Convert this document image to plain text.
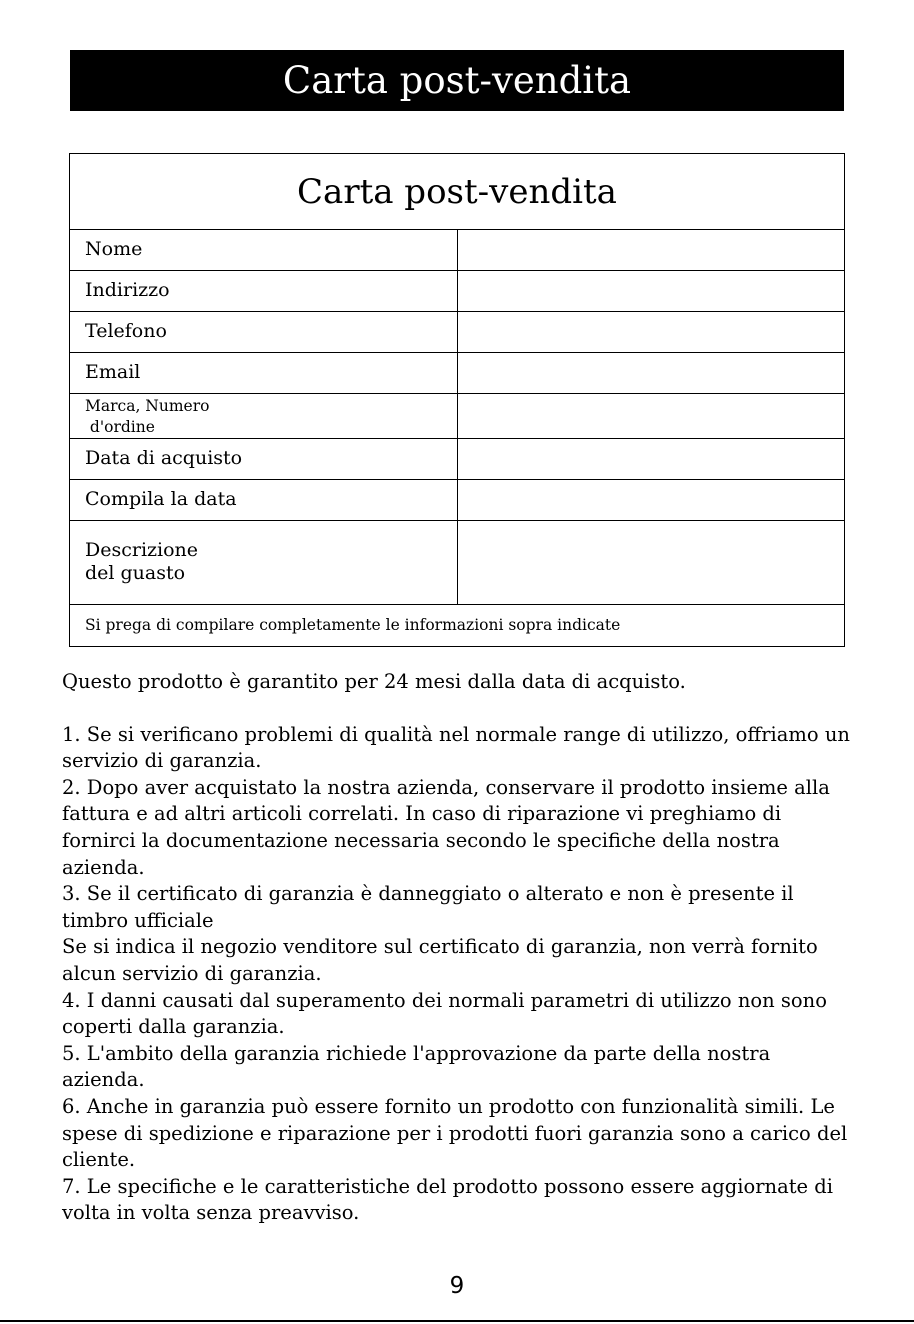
Carta post-vendita
Carta post-vendita	
Nome	
Indirizzo	
Telefono	
Email	

Marca, Numero
d'ordine	

Data di acquisto	
Compila la data	

Descrizione
del guasto	

Si prega di compilare completamente le informazioni sopra indicate	

Questo prodotto è garantito per 24 mesi dalla data di acquisto.

1. Se si verificano problemi di qualità nel normale range di utilizzo, offriamo un servizio di garanzia.

2. Dopo aver acquistato la nostra azienda, conservare il prodotto insieme alla fattura e ad altri articoli correlati. In caso di riparazione vi preghiamo di fornirci la documentazione necessaria secondo le specifiche della nostra azienda.

3. Se il certificato di garanzia è danneggiato o alterato e non è presente il timbro ufficiale

Se si indica il negozio venditore sul certificato di garanzia, non verrà fornito alcun servizio di garanzia.

4. I danni causati dal superamento dei normali parametri di utilizzo non sono coperti dalla garanzia.

5. L'ambito della garanzia richiede l'approvazione da parte della nostra azienda.

6. Anche in garanzia può essere fornito un prodotto con funzionalità simili. Le spese di spedizione e riparazione per i prodotti fuori garanzia sono a carico del cliente.

7. Le specifiche e le caratteristiche del prodotto possono essere aggiornate di volta in volta senza preavviso.

9
